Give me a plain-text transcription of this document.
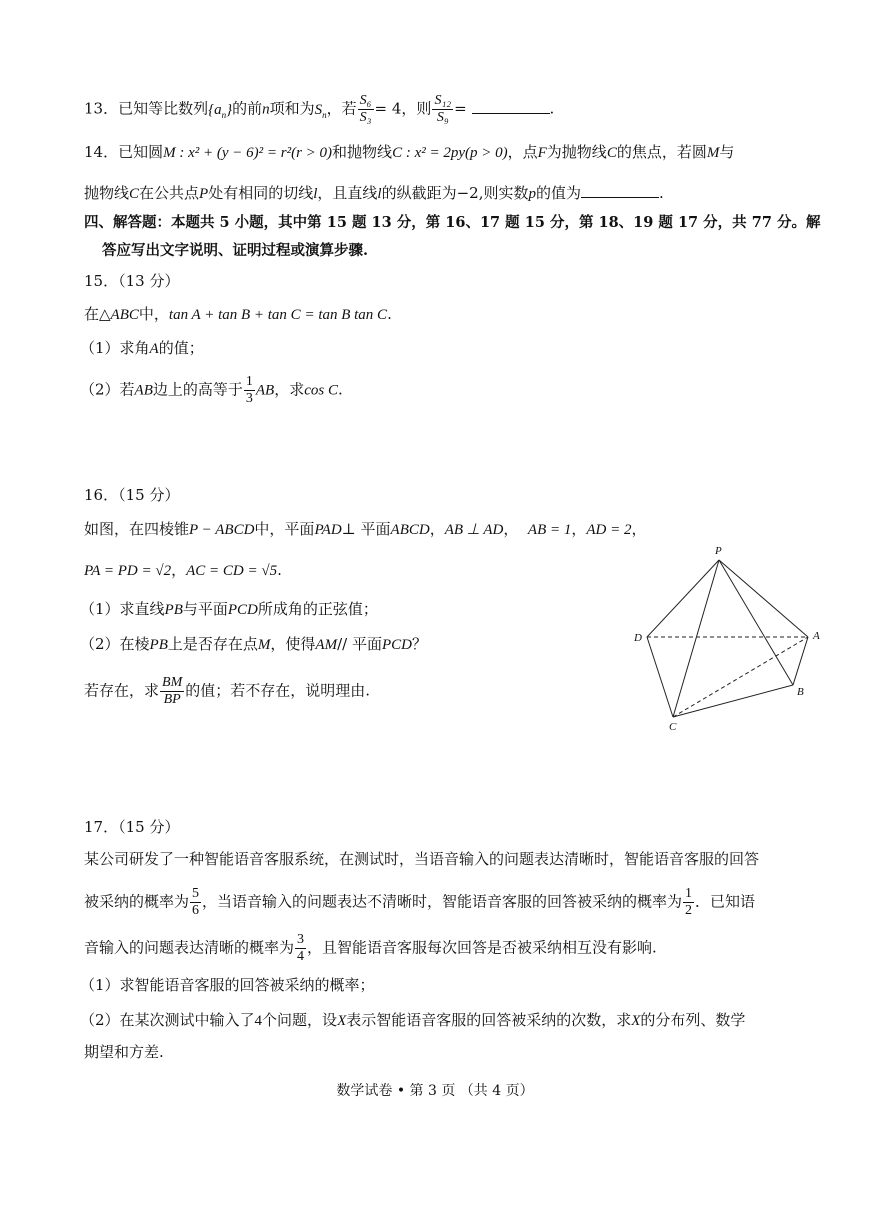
13．已知等比数列$\{a_n\}$的前n项和为$S_n$，若 $\frac{\text{S₆}}{\text{S₃}} = 4$，则 $\frac{\text{S₁₂}}{\text{S₉}}$ =	.
14．已知圆M : x² + (y − 6)² = r²(r > 0)和抛物线C : x² = 2py(p > 0)，点F为抛物线C的焦点，若圆M与
抛物线C在公共点P处有相同的切线l，且直线l的纵截距为−2,则实数p的值为	.
四、解答题：本题共 5 小题，其中第 15 题 13 分，第 16、17 题 15 分，第 18、19 题 17 分，共 77 分。解
答应写出文字说明、证明过程或演算步骤.
15．（13 分）
在△ABC中，tan A + tan B + tan C = tan B tan C.
（1）求角A的值；
（2）若AB边上的高等于 $\frac{1}{3}$ AB，求cos C.
16．（15 分）
如图，在四棱锥P − ABCD中，平面PAD⊥ 平面ABCD，AB ⊥ AD， AB = 1，AD = 2，
PA = PD = √2，AC = CD = √5.
（1）求直线PB与平面PCD所成角的正弦值；
（2）在棱PB上是否存在点M，使得AM// 平面PCD？
若存在，求 $\frac{BM}{BP}$ 的值；若不存在，说明理由.
P
D	A
B
C
17．（15 分）
某公司研发了一种智能语音客服系统，在测试时，当语音输入的问题表达清晰时，智能语音客服的回答
被采纳的概率为 $\frac{5}{6}$ ，当语音输入的问题表达不清晰时，智能语音客服的回答被采纳的概率为 $\frac{1}{2}$ ．已知语
音输入的问题表达清晰的概率为 $\frac{3}{4}$ ，且智能语音客服每次回答是否被采纳相互没有影响.
（1）求智能语音客服的回答被采纳的概率；
（2）在某次测试中输入了4个问题，设X表示智能语音客服的回答被采纳的次数，求X的分布列、数学
期望和方差.
数学试卷 • 第 3 页 （共 4 页）
